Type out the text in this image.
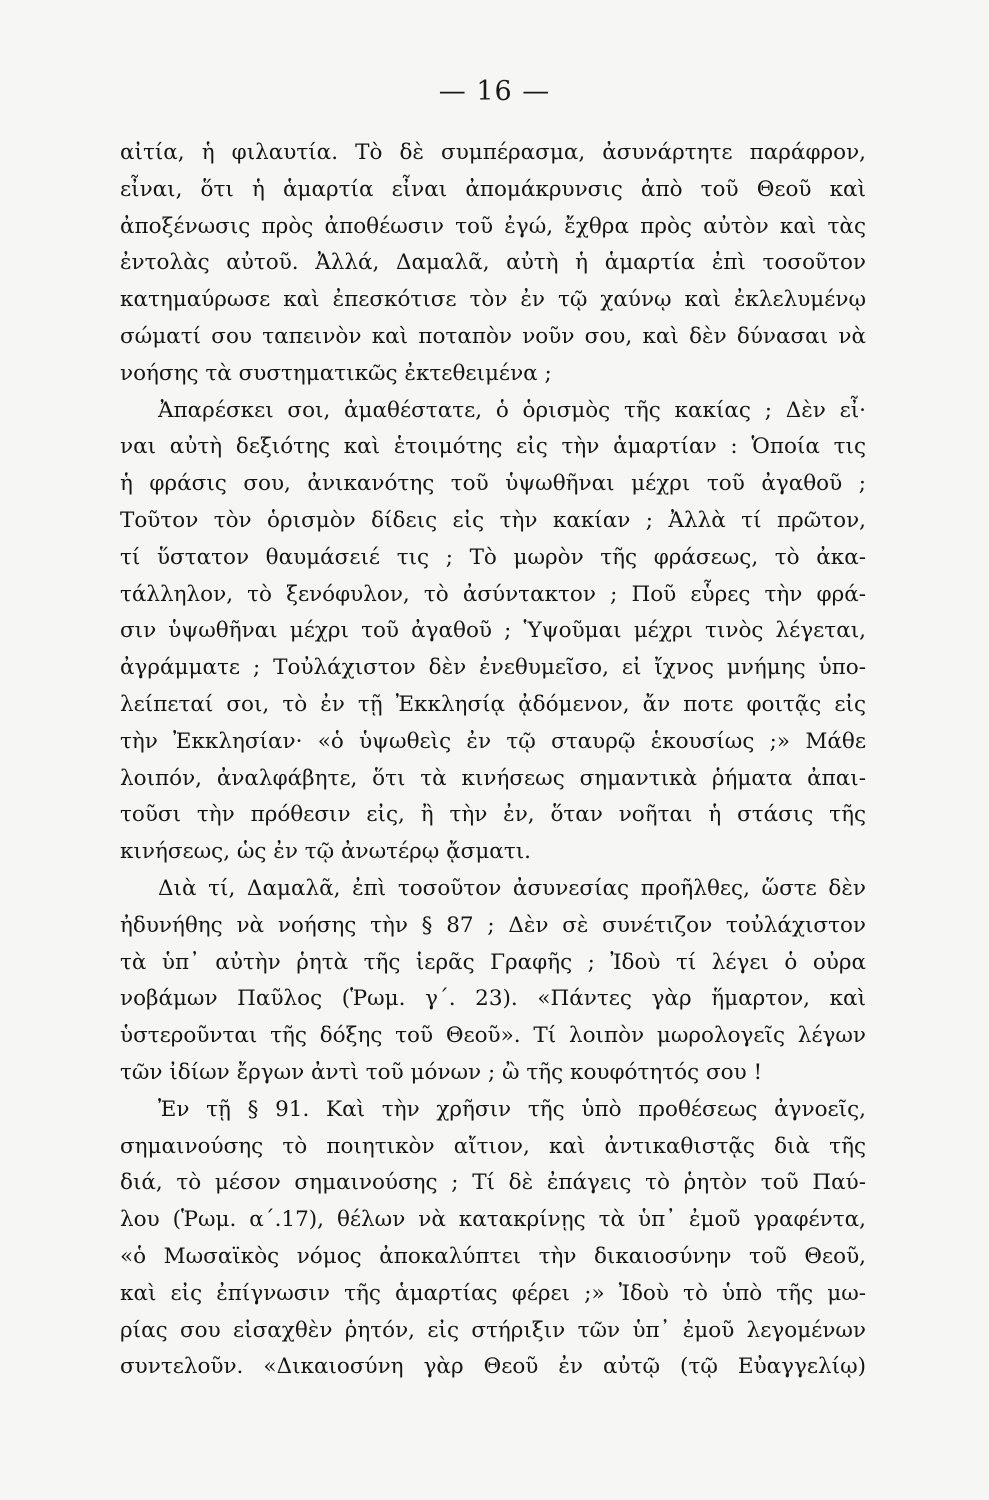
— 16 —
αἰτία, ἡ φιλαυτία. Τὸ δὲ συμπέρασμα, ἀσυνάρτητε παράφρον,
εἶναι, ὅτι ἡ ἁμαρτία εἶναι ἀπομάκρυνσις ἀπὸ τοῦ Θεοῦ καὶ
ἀποξένωσις πρὸς ἀποθέωσιν τοῦ ἐγώ, ἔχθρα πρὸς αὐτὸν καὶ τὰς
ἐντολὰς αὐτοῦ. Ἀλλά, Δαμαλᾶ, αὐτὴ ἡ ἁμαρτία ἐπὶ τοσοῦτον
κατημαύρωσε καὶ ἐπεσκότισε τὸν ἐν τῷ χαύνῳ καὶ ἐκλελυμένῳ
σώματί σου ταπεινὸν καὶ ποταπὸν νοῦν σου, καὶ δὲν δύνασαι νὰ
νοήσης τὰ συστηματικῶς ἐκτεθειμένα ;
Ἀπαρέσκει σοι, ἀμαθέστατε, ὁ ὁρισμὸς τῆς κακίας ; Δὲν εἶ·
ναι αὐτὴ δεξιότης καὶ ἑτοιμότης εἰς τὴν ἁμαρτίαν : Ὁποία τις
ἡ φράσις σου, ἀνικανότης τοῦ ὑψωθῆναι μέχρι τοῦ ἀγαθοῦ ;
Τοῦτον τὸν ὁρισμὸν δίδεις εἰς τὴν κακίαν ; Ἀλλὰ τί πρῶτον,
τί ὕστατον θαυμάσειέ τις ; Τὸ μωρὸν τῆς φράσεως, τὸ ἀκα-
τάλληλον, τὸ ξενόφυλον, τὸ ἀσύντακτον ; Ποῦ εὗρες τὴν φρά-
σιν ὑψωθῆναι μέχρι τοῦ ἀγαθοῦ ; Ὑψοῦμαι μέχρι τινὸς λέγεται,
ἀγράμματε ; Τοὐλάχιστον δὲν ἐνεθυμεῖσο, εἰ ἴχνος μνήμης ὑπο-
λείπεταί σοι, τὸ ἐν τῇ Ἐκκλησίᾳ ᾀδόμενον, ἄν ποτε φοιτᾷς εἰς
τὴν Ἐκκλησίαν· «ὁ ὑψωθεὶς ἐν τῷ σταυρῷ ἑκουσίως ;» Μάθε
λοιπόν, ἀναλφάβητε, ὅτι τὰ κινήσεως σημαντικὰ ῥήματα ἀπαι-
τοῦσι τὴν πρόθεσιν εἰς, ἢ τὴν ἐν, ὅταν νοῆται ἡ στάσις τῆς
κινήσεως, ὡς ἐν τῷ ἀνωτέρῳ ᾄσματι.
Διὰ τί, Δαμαλᾶ, ἐπὶ τοσοῦτον ἀσυνεσίας προῆλθες, ὥστε δὲν
ἠδυνήθης νὰ νοήσης τὴν § 87 ; Δὲν σὲ συνέτιζον τοὐλάχιστον
τὰ ὑπ᾽ αὐτὴν ῥητὰ τῆς ἱερᾶς Γραφῆς ; Ἰδοὺ τί λέγει ὁ οὐρα
νοβάμων Παῦλος (Ῥωμ. γ΄. 23). «Πάντες γὰρ ἥμαρτον, καὶ
ὑστεροῦνται τῆς δόξης τοῦ Θεοῦ». Τί λοιπὸν μωρολογεῖς λέγων
τῶν ἰδίων ἔργων ἀντὶ τοῦ μόνων ; ὢ τῆς κουφότητός σου !
Ἐν τῇ § 91. Καὶ τὴν χρῆσιν τῆς ὑπὸ προθέσεως ἀγνοεῖς,
σημαινούσης τὸ ποιητικὸν αἴτιον, καὶ ἀντικαθιστᾷς διὰ τῆς
διά, τὸ μέσον σημαινούσης ; Τί δὲ ἐπάγεις τὸ ῥητὸν τοῦ Παύ-
λου (Ῥωμ. α΄.17), θέλων νὰ κατακρίνῃς τὰ ὑπ᾽ ἐμοῦ γραφέντα,
«ὁ Μωσαϊκὸς νόμος ἀποκαλύπτει τὴν δικαιοσύνην τοῦ Θεοῦ,
καὶ εἰς ἐπίγνωσιν τῆς ἁμαρτίας φέρει ;» Ἰδοὺ τὸ ὑπὸ τῆς μω-
ρίας σου εἰσαχθὲν ῥητόν, εἰς στήριξιν τῶν ὑπ᾽ ἐμοῦ λεγομένων
συντελοῦν. «Δικαιοσύνη γὰρ Θεοῦ ἐν αὐτῷ (τῷ Εὐαγγελίῳ)
